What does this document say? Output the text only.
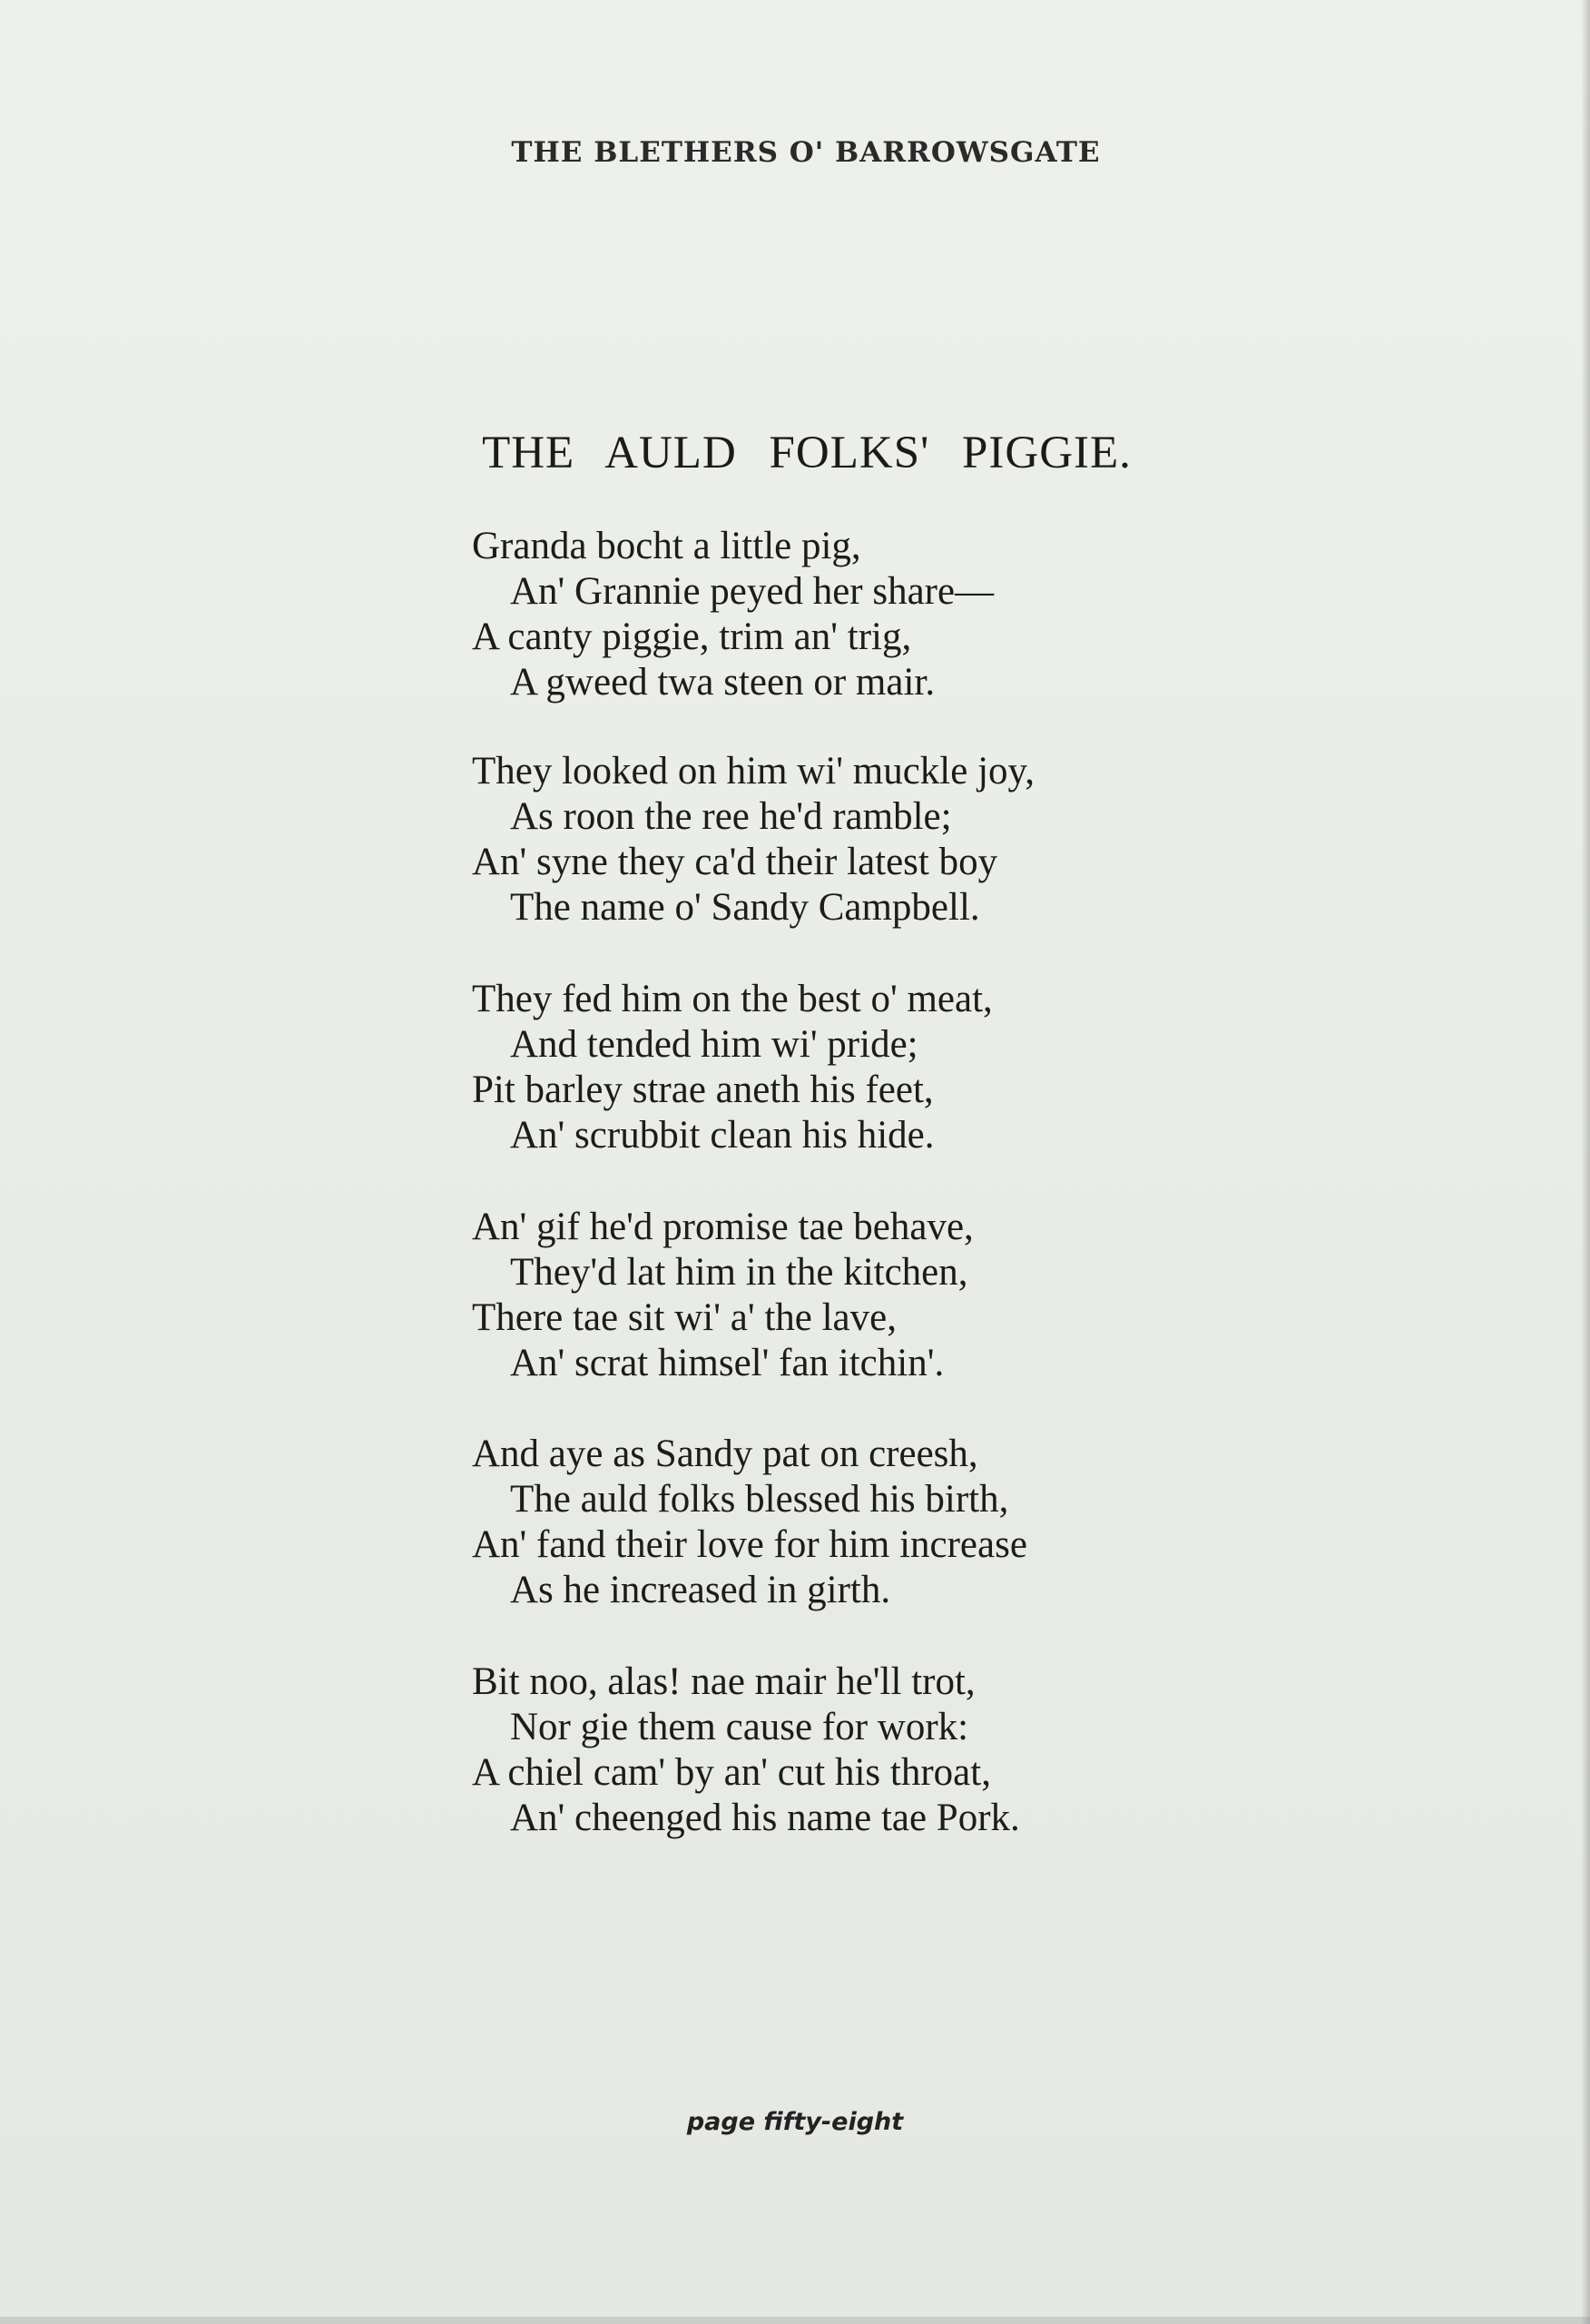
THE BLETHERS O' BARROWSGATE
THE AULD FOLKS' PIGGIE.
Granda bocht a little pig,
An' Grannie peyed her share—
A canty piggie, trim an' trig,
A gweed twa steen or mair.
They looked on him wi' muckle joy,
As roon the ree he'd ramble;
An' syne they ca'd their latest boy
The name o' Sandy Campbell.
They fed him on the best o' meat,
And tended him wi' pride;
Pit barley strae aneth his feet,
An' scrubbit clean his hide.
An' gif he'd promise tae behave,
They'd lat him in the kitchen,
There tae sit wi' a' the lave,
An' scrat himsel' fan itchin'.
And aye as Sandy pat on creesh,
The auld folks blessed his birth,
An' fand their love for him increase
As he increased in girth.
Bit noo, alas! nae mair he'll trot,
Nor gie them cause for work:
A chiel cam' by an' cut his throat,
An' cheenged his name tae Pork.
page fifty-eight
